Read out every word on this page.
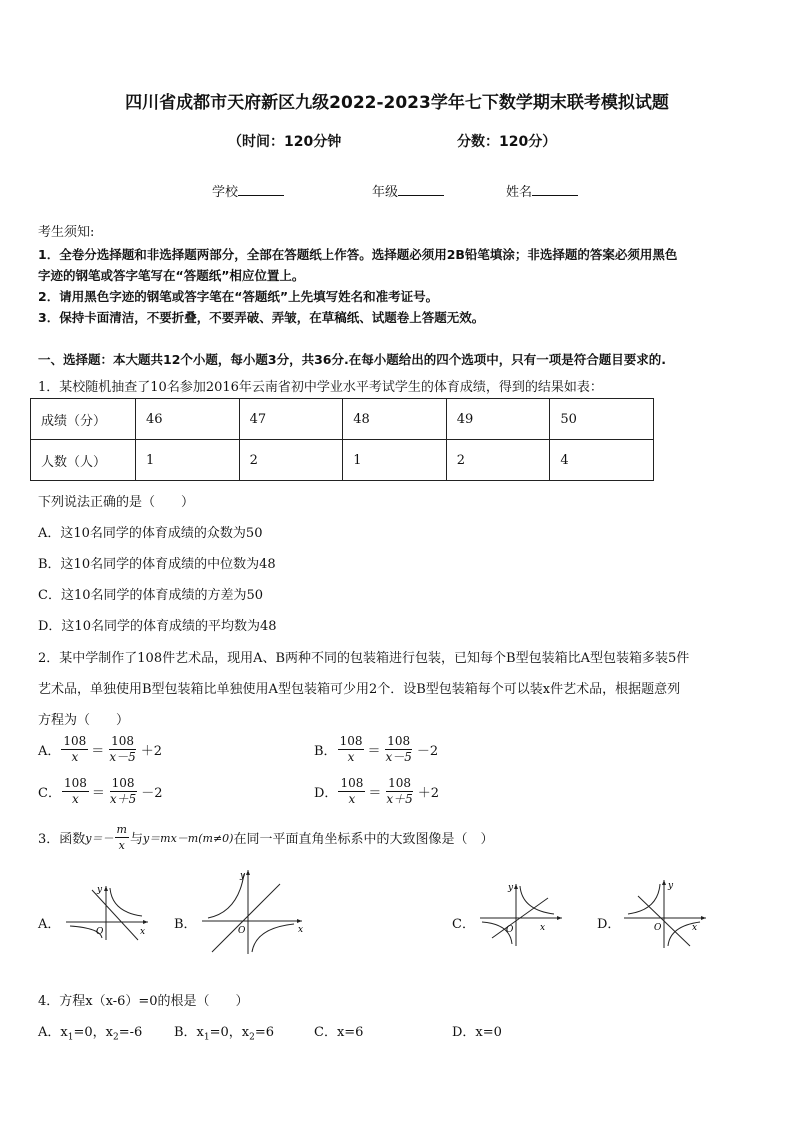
四川省成都市天府新区九级2022-2023学年七下数学期末联考模拟试题
（时间：120分钟	分数：120分）
学校	年级	姓名
考生须知:
1．全卷分选择题和非选择题两部分，全部在答题纸上作答。选择题必须用2B铅笔填涂；非选择题的答案必须用黑色
字迹的钢笔或答字笔写在“答题纸”相应位置上。
2．请用黑色字迹的钢笔或答字笔在“答题纸”上先填写姓名和准考证号。
3．保持卡面清洁，不要折叠，不要弄破、弄皱，在草稿纸、试题卷上答题无效。
一、选择题：本大题共12个小题，每小题3分，共36分.在每小题给出的四个选项中，只有一项是符合题目要求的.
1．某校随机抽查了10名参加2016年云南省初中学业水平考试学生的体育成绩，得到的结果如表：
成绩（分）	46	47	48	49	50
人数（人）	1	2	1	2	4
下列说法正确的是（　　）
A．这10名同学的体育成绩的众数为50
B．这10名同学的体育成绩的中位数为48
C．这10名同学的体育成绩的方差为50
D．这10名同学的体育成绩的平均数为48
2．某中学制作了108件艺术品，现用A、B两种不同的包装箱进行包装，已知每个B型包装箱比A型包装箱多装5件
艺术品，单独使用B型包装箱比单独使用A型包装箱可少用2个．设B型包装箱每个可以装x件艺术品，根据题意列
方程为（　　）
A． $\frac{108}{x} = \frac{108}{x-5} +2$	B． $\frac{108}{x} = \frac{108}{x-5} -2$
C． $\frac{108}{x} = \frac{108}{x+5} -2$	D． $\frac{108}{x} = \frac{108}{x+5} +2$
3．函数 $y=- \frac{m}{x}$ 与 y＝mx－m(m≠0) 在同一平面直角坐标系中的大致图像是（　）
A．
y
x
O	B．
y
x
O	C．
y
x
O	D．
y
x
O
4．方程x（x-6）=0的根是（　　）
A．$x_1=0$，$x_2=-6$ B．$x_1=0$，$x_2=6$	C．x=6	D．x=0
